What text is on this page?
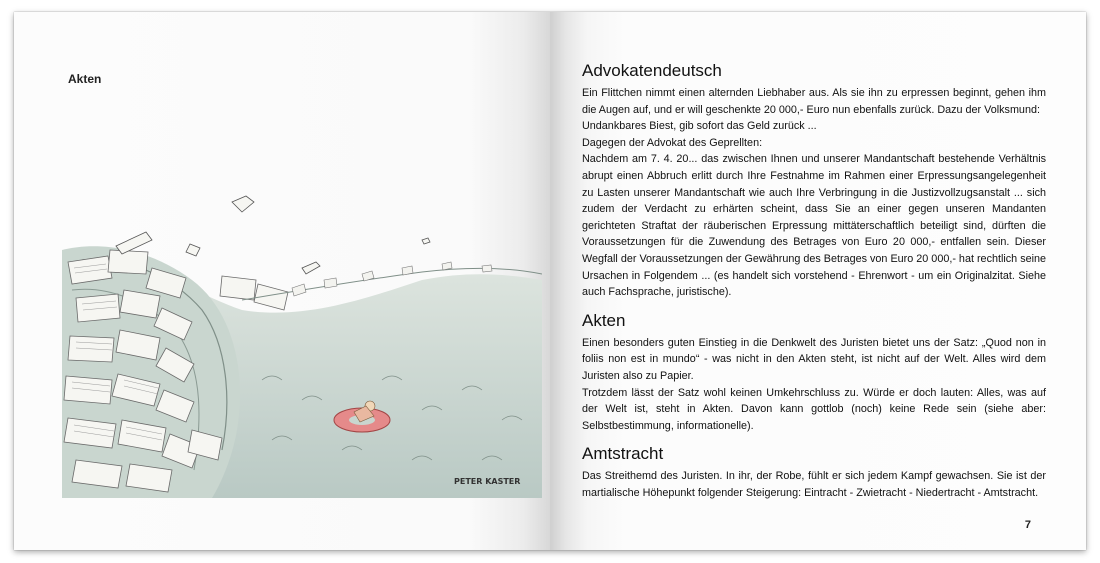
Akten
PETER KASTER
Advokatendeutsch

Ein Flittchen nimmt einen alternden Liebhaber aus. Als sie ihn zu erpressen beginnt, gehen ihm die Augen auf, und er will geschenkte 20 000,- Euro nun ebenfalls zurück. Dazu der Volksmund:

Undankbares Biest, gib sofort das Geld zurück ...

Dagegen der Advokat des Geprellten:

Nachdem am 7. 4. 20... das zwischen Ihnen und unserer Mandantschaft bestehende Verhältnis abrupt einen Abbruch erlitt durch Ihre Festnahme im Rahmen einer Erpressungsangelegenheit zu Lasten unserer Mandantschaft wie auch Ihre Verbringung in die Justizvollzugsanstalt ... sich zudem der Verdacht zu erhärten scheint, dass Sie an einer gegen unseren Mandanten gerichteten Straftat der räuberischen Erpressung mittäterschaftlich beteiligt sind, dürften die Voraussetzungen für die Zuwendung des Betrages von Euro 20 000,- entfallen sein. Dieser Wegfall der Voraussetzungen der Gewährung des Betrages von Euro 20 000,- hat rechtlich seine Ursachen in Folgendem ... (es handelt sich vorstehend - Ehrenwort - um ein Originalzitat. Siehe auch Fachsprache, juristische).

Akten

Einen besonders guten Einstieg in die Denkwelt des Juristen bietet uns der Satz: „Quod non in foliis non est in mundo“ - was nicht in den Akten steht, ist nicht auf der Welt. Alles wird dem Juristen also zu Papier.

Trotzdem lässt der Satz wohl keinen Umkehrschluss zu. Würde er doch lauten: Alles, was auf der Welt ist, steht in Akten. Davon kann gottlob (noch) keine Rede sein (siehe aber: Selbstbestimmung, informationelle).

Amtstracht

Das Streithemd des Juristen. In ihr, der Robe, fühlt er sich jedem Kampf gewachsen. Sie ist der martialische Höhepunkt folgender Steigerung: Eintracht - Zwietracht - Niedertracht - Amtstracht.

7
